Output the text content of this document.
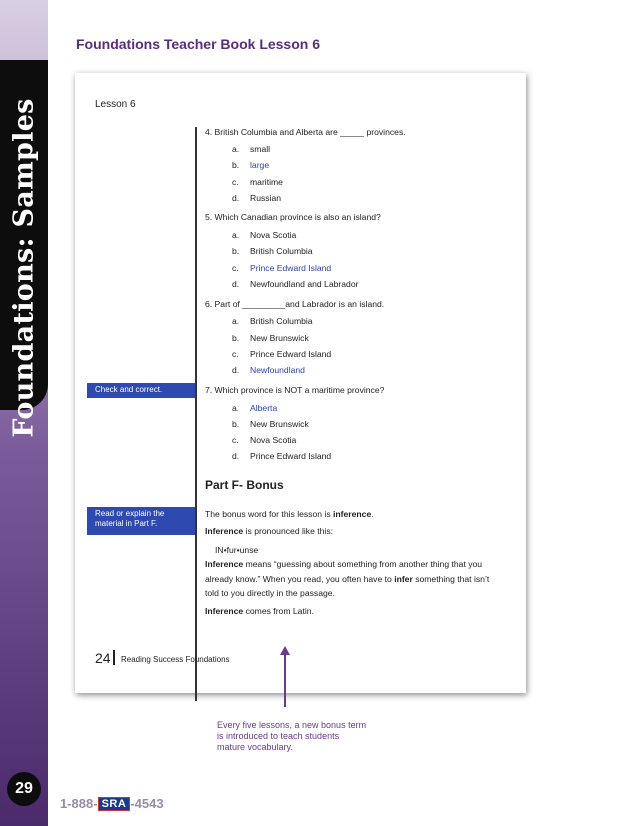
Foundations: Samples
29
Foundations Teacher Book Lesson 6
Lesson 6
4. British Columbia and Alberta are _____ provinces.
a. small
b. large
c. maritime
d. Russian
5. Which Canadian province is also an island?
a. Nova Scotia
b. British Columbia
c. Prince Edward Island
d. Newfoundland and Labrador
6. Part of _________and Labrador is an island.
a. British Columbia
b. New Brunswick
c. Prince Edward Island
d. Newfoundland
Check and correct.	7. Which province is NOT a maritime province?
a. Alberta
b. New Brunswick
c. Nova Scotia
d. Prince Edward Island
Part F- Bonus
Read or explain the material in Part F.
The bonus word for this lesson is inference.
Inference is pronounced like this:
IN•fur•unse
Inference means “guessing about something from another thing that you
already know.” When you read, you often have to infer something that isn’t
told to you directly in the passage.
Inference comes from Latin.
24 Reading Success Foundations
Every five lessons, a new bonus term is introduced to teach students mature vocabulary.
1-888- SRA -4543
